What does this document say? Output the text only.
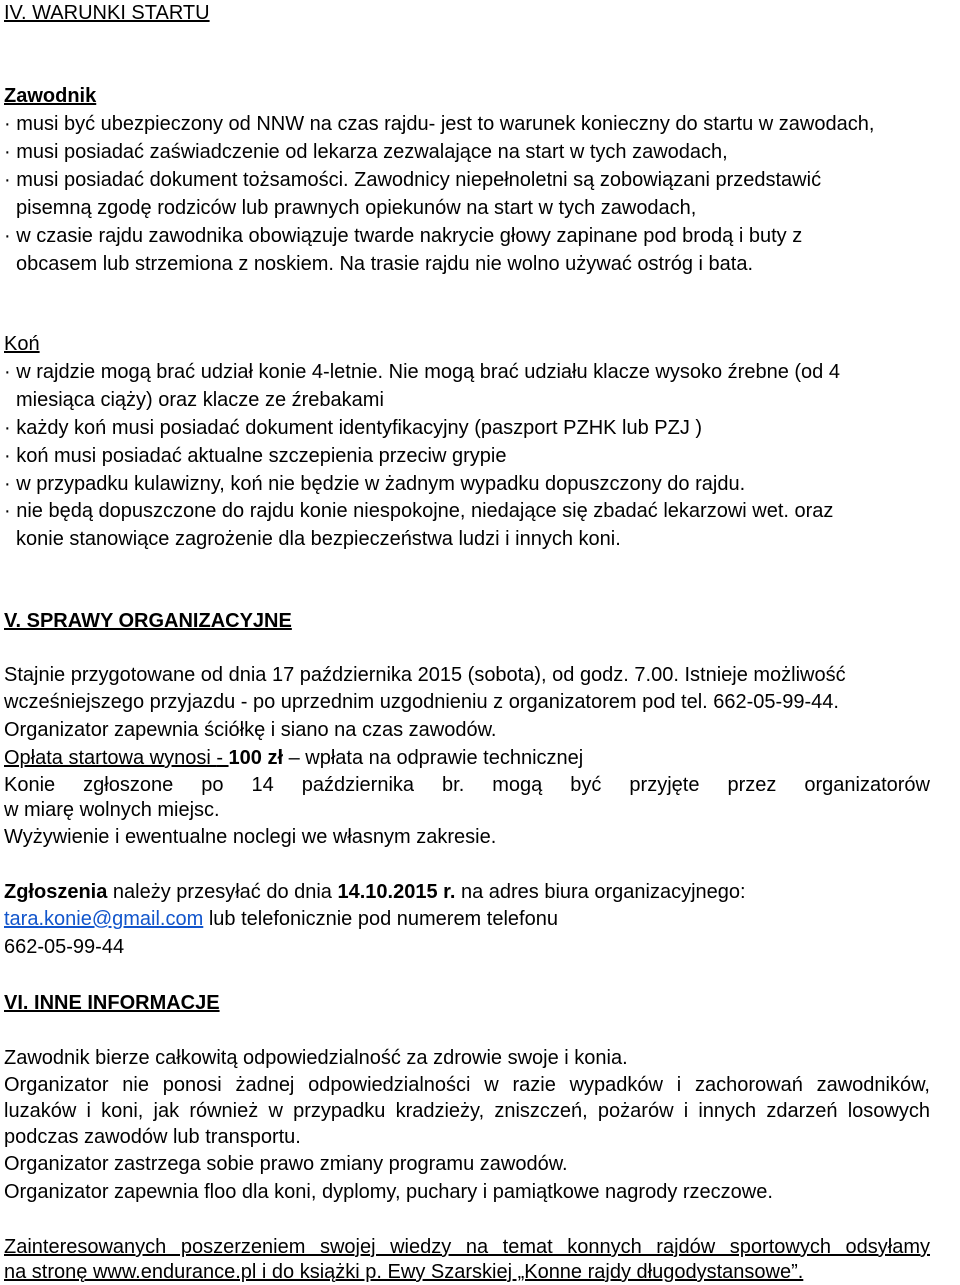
IV. WARUNKI STARTU
Zawodnik
· musi być ubezpieczony od NNW na czas rajdu- jest to warunek konieczny do startu w zawodach,
· musi posiadać zaświadczenie od lekarza zezwalające na start w tych zawodach,
· musi posiadać dokument tożsamości. Zawodnicy niepełnoletni są zobowiązani przedstawić
pisemną zgodę rodziców lub prawnych opiekunów na start w tych zawodach,
· w czasie rajdu zawodnika obowiązuje twarde nakrycie głowy zapinane pod brodą i buty z
obcasem lub strzemiona z noskiem. Na trasie rajdu nie wolno używać ostróg i bata.
Koń
· w rajdzie mogą brać udział konie 4-letnie. Nie mogą brać udziału klacze wysoko źrebne (od 4
miesiąca ciąży) oraz klacze ze źrebakami
· każdy koń musi posiadać dokument identyfikacyjny (paszport PZHK lub PZJ )
· koń musi posiadać aktualne szczepienia przeciw grypie
· w przypadku kulawizny, koń nie będzie w żadnym wypadku dopuszczony do rajdu.
· nie będą dopuszczone do rajdu konie niespokojne, niedające się zbadać lekarzowi wet. oraz
konie stanowiące zagrożenie dla bezpieczeństwa ludzi i innych koni.
V. SPRAWY ORGANIZACYJNE
Stajnie przygotowane od dnia 17 października 2015 (sobota), od godz. 7.00. Istnieje możliwość
wcześniejszego przyjazdu - po uprzednim uzgodnieniu z organizatorem pod tel. 662-05-99-44.
Organizator zapewnia ściółkę i siano na czas zawodów.
Opłata startowa wynosi - 100 zł – wpłata na odprawie technicznej
Konie zgłoszone po 14 października br. mogą być przyjęte przez organizatorów
w miarę wolnych miejsc.
Wyżywienie i ewentualne noclegi we własnym zakresie.
Zgłoszenia należy przesyłać do dnia 14.10.2015 r. na adres biura organizacyjnego:
tara.konie@gmail.com lub telefonicznie pod numerem telefonu
662-05-99-44
VI. INNE INFORMACJE
Zawodnik bierze całkowitą odpowiedzialność za zdrowie swoje i konia.
Organizator nie ponosi żadnej odpowiedzialności w razie wypadków i zachorowań zawodników,
luzaków i koni, jak również w przypadku kradzieży, zniszczeń, pożarów i innych zdarzeń losowych
podczas zawodów lub transportu.
Organizator zastrzega sobie prawo zmiany programu zawodów.
Organizator zapewnia floo dla koni, dyplomy, puchary i pamiątkowe nagrody rzeczowe.
Zainteresowanych poszerzeniem swojej wiedzy na temat konnych rajdów sportowych odsyłamy
na stronę www.endurance.pl i do książki p. Ewy Szarskiej „Konne rajdy długodystansowe”.
